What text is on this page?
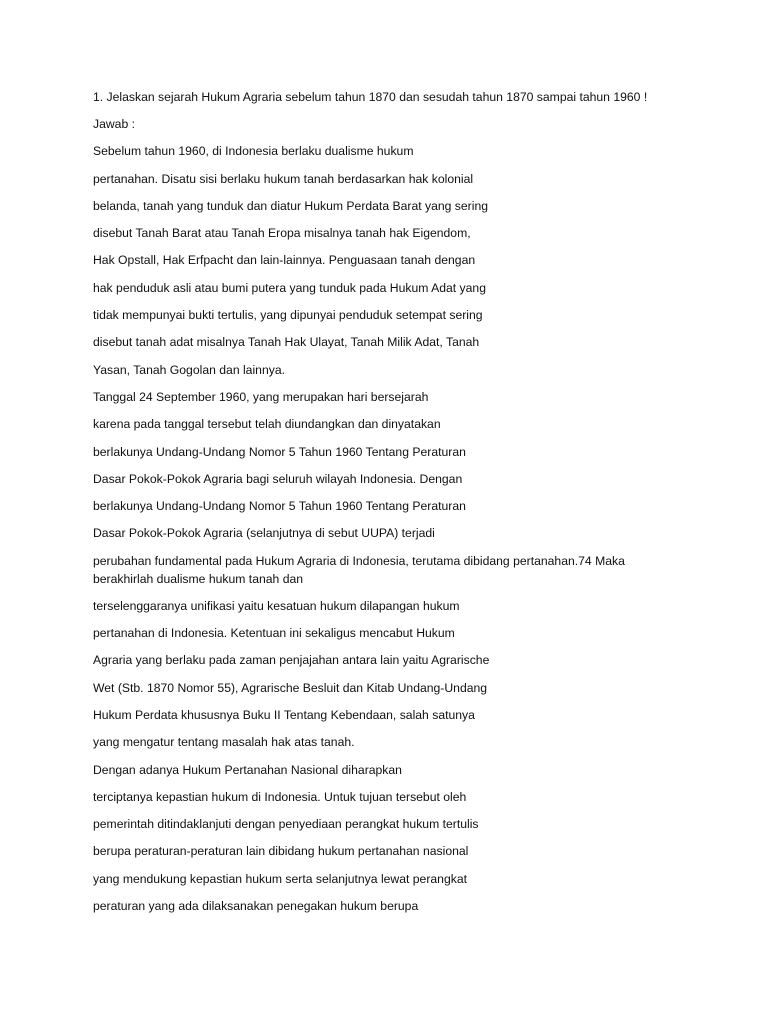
1. Jelaskan sejarah Hukum Agraria sebelum tahun 1870 dan sesudah tahun 1870 sampai tahun 1960 !

Jawab :

Sebelum tahun 1960, di Indonesia berlaku dualisme hukum

pertanahan. Disatu sisi berlaku hukum tanah berdasarkan hak kolonial

belanda, tanah yang tunduk dan diatur Hukum Perdata Barat yang sering

disebut Tanah Barat atau Tanah Eropa misalnya tanah hak Eigendom,

Hak Opstall, Hak Erfpacht dan lain-lainnya. Penguasaan tanah dengan

hak penduduk asli atau bumi putera yang tunduk pada Hukum Adat yang

tidak mempunyai bukti tertulis, yang dipunyai penduduk setempat sering

disebut tanah adat misalnya Tanah Hak Ulayat, Tanah Milik Adat, Tanah

Yasan, Tanah Gogolan dan lainnya.

Tanggal 24 September 1960, yang merupakan hari bersejarah

karena pada tanggal tersebut telah diundangkan dan dinyatakan

berlakunya Undang-Undang Nomor 5 Tahun 1960 Tentang Peraturan

Dasar Pokok-Pokok Agraria bagi seluruh wilayah Indonesia. Dengan

berlakunya Undang-Undang Nomor 5 Tahun 1960 Tentang Peraturan

Dasar Pokok-Pokok Agraria (selanjutnya di sebut UUPA) terjadi

perubahan fundamental pada Hukum Agraria di Indonesia, terutama dibidang pertanahan.74 Maka berakhirlah dualisme hukum tanah dan

terselenggaranya unifikasi yaitu kesatuan hukum dilapangan hukum

pertanahan di Indonesia. Ketentuan ini sekaligus mencabut Hukum

Agraria yang berlaku pada zaman penjajahan antara lain yaitu Agrarische

Wet (Stb. 1870 Nomor 55), Agrarische Besluit dan Kitab Undang-Undang

Hukum Perdata khususnya Buku II Tentang Kebendaan, salah satunya

yang mengatur tentang masalah hak atas tanah.

Dengan adanya Hukum Pertanahan Nasional diharapkan

terciptanya kepastian hukum di Indonesia. Untuk tujuan tersebut oleh

pemerintah ditindaklanjuti dengan penyediaan perangkat hukum tertulis

berupa peraturan-peraturan lain dibidang hukum pertanahan nasional

yang mendukung kepastian hukum serta selanjutnya lewat perangkat

peraturan yang ada dilaksanakan penegakan hukum berupa
